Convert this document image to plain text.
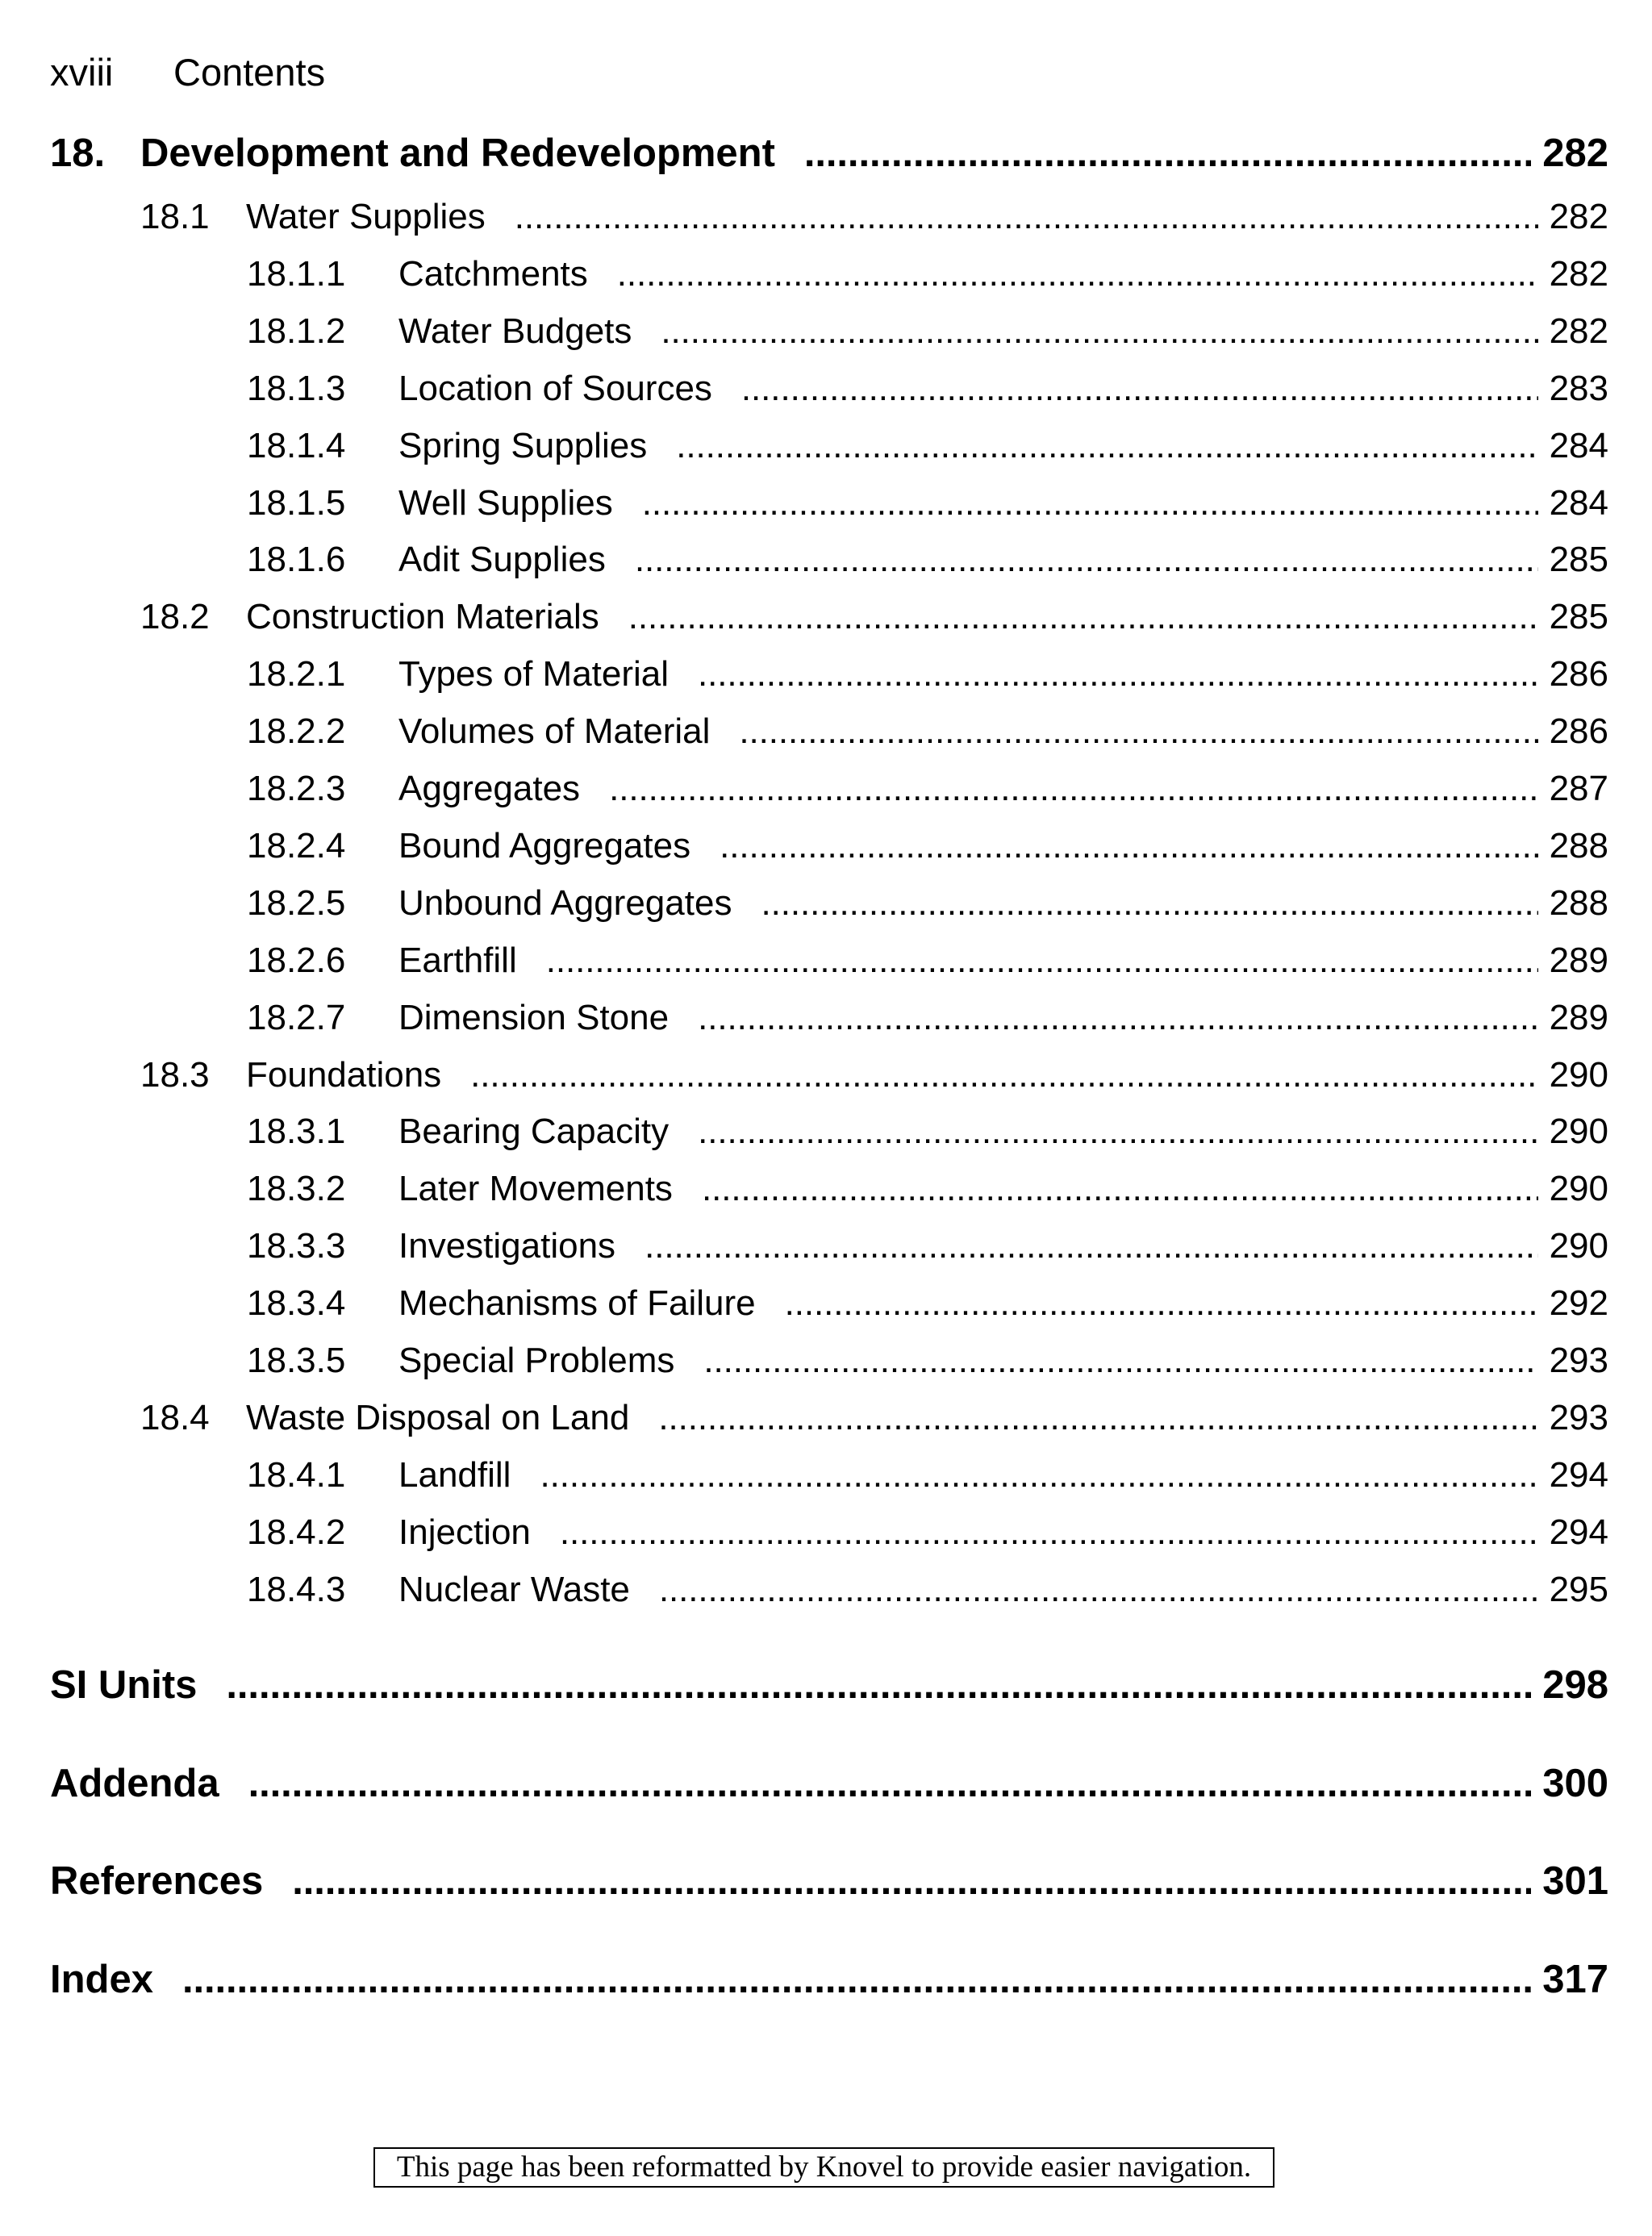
xviii Contents
18. Development and Redevelopment . . .	282
18.1	Water Supplies . . .	282
18.1.1	Catchments . . .	282
18.1.2	Water Budgets . . .	282
18.1.3	Location of Sources . . .	283
18.1.4	Spring Supplies . . .	284
18.1.5	Well Supplies . . .	284
18.1.6	Adit Supplies . . .	285
18.2	Construction Materials . . .	285
18.2.1	Types of Material . . .	286
18.2.2	Volumes of Material . . .	286
18.2.3	Aggregates . . .	287
18.2.4	Bound Aggregates . . .	288
18.2.5	Unbound Aggregates . . .	288
18.2.6	Earthfill . . .	289
18.2.7	Dimension Stone . . .	289
18.3	Foundations . . .	290
18.3.1	Bearing Capacity . . .	290
18.3.2	Later Movements . . .	290
18.3.3	Investigations . . .	290
18.3.4	Mechanisms of Failure . . .	292
18.3.5	Special Problems . . .	293
18.4	Waste Disposal on Land . . .	293
18.4.1	Landfill . . .	294
18.4.2	Injection . . .	294
18.4.3	Nuclear Waste . . .	295
SI Units . . .	298
Addenda . . .	300
References . . .	301
Index . . .	317
This page has been reformatted by Knovel to provide easier navigation.
